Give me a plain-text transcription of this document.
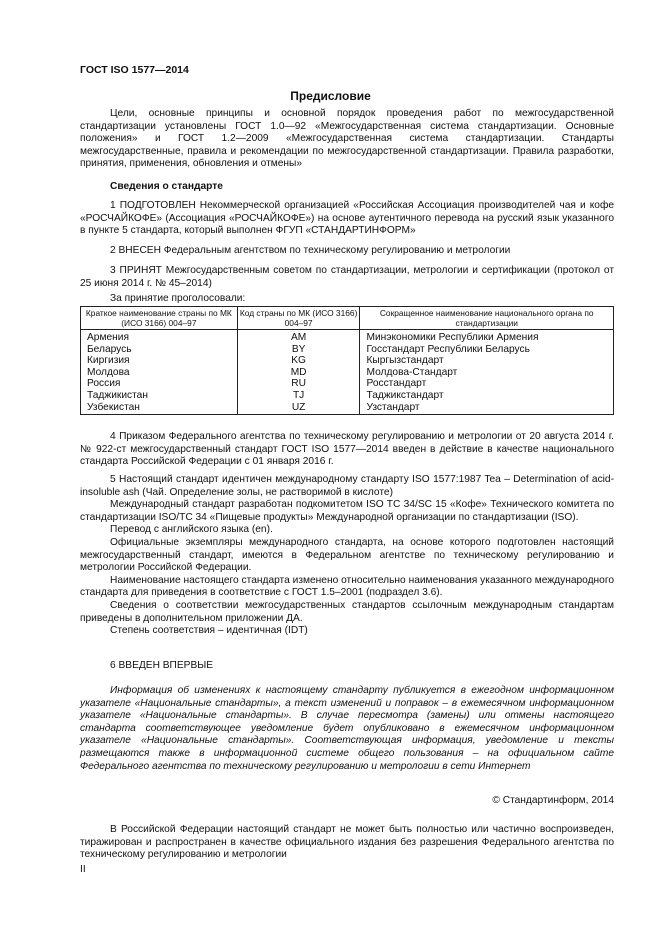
ГОСТ ISO 1577—2014
Предисловие

Цели, основные принципы и основной порядок проведения работ по межгосударственной стандартизации установлены ГОСТ 1.0—92 «Межгосударственная система стандартизации. Основные положения» и ГОСТ 1.2—2009 «Межгосударственная система стандартизации. Стандарты межгосударственные, правила и рекомендации по межгосударственной стандартизации. Правила разработки, принятия, применения, обновления и отмены»

Сведения о стандарте

1 ПОДГОТОВЛЕН Некоммерческой организацией «Российская Ассоциация производителей чая и кофе «РОСЧАЙКОФЕ» (Ассоциация «РОСЧАЙКОФЕ») на основе аутентичного перевода на русский язык указанного в пункте 5 стандарта, который выполнен ФГУП «СТАНДАРТИНФОРМ»

2 ВНЕСЕН Федеральным агентством по техническому регулированию и метрологии

3 ПРИНЯТ Межгосударственным советом по стандартизации, метрологии и сертификации (протокол от 25 июня 2014 г. № 45–2014)

За принятие проголосовали:

Краткое наименование страны по МК (ИСО 3166) 004–97	Код страны по МК (ИСО 3166) 004–97	Сокращенное наименование национального органа по стандартизации
Армения	AM	Минэкономики Республики Армения
Беларусь	BY	Госстандарт Республики Беларусь
Киргизия	KG	Кыргызстандарт
Молдова	MD	Молдова-Стандарт
Россия	RU	Росстандарт
Таджикистан	TJ	Таджикстандарт
Узбекистан	UZ	Узстандарт

4 Приказом Федерального агентства по техническому регулированию и метрологии от 20 августа 2014 г. № 922-ст межгосударственный стандарт ГОСТ ISO 1577—2014 введен в действие в качестве национального стандарта Российской Федерации с 01 января 2016 г.

5 Настоящий стандарт идентичен международному стандарту ISO 1577:1987 Tea – Determination of acid-insoluble ash (Чай. Определение золы, не растворимой в кислоте)

Международный стандарт разработан подкомитетом ISO TC 34/SC 15 «Кофе» Технического комитета по стандартизации ISO/TC 34 «Пищевые продукты» Международной организации по стандартизации (ISO).

Перевод с английского языка (en).

Официальные экземпляры международного стандарта, на основе которого подготовлен настоящий межгосударственный стандарт, имеются в Федеральном агентстве по техническому регулированию и метрологии Российской Федерации.

Наименование настоящего стандарта изменено относительно наименования указанного международного стандарта для приведения в соответствие с ГОСТ 1.5–2001 (подраздел 3.6).

Сведения о соответствии межгосударственных стандартов ссылочным международным стандартам приведены в дополнительном приложении ДА.

Степень соответствия – идентичная (IDT)

6 ВВЕДЕН ВПЕРВЫЕ

Информация об изменениях к настоящему стандарту публикуется в ежегодном информационном указателе «Национальные стандарты», а текст изменений и поправок – в ежемесячном информационном указателе «Национальные стандарты». В случае пересмотра (замены) или отмены настоящего стандарта соответствующее уведомление будет опубликовано в ежемесячном информационном указателе «Национальные стандарты». Соответствующая информация, уведомление и тексты размещаются также в информационной системе общего пользования – на официальном сайте Федерального агентства по техническому регулированию и метрологии в сети Интернет

© Стандартинформ, 2014

В Российской Федерации настоящий стандарт не может быть полностью или частично воспроизведен, тиражирован и распространен в качестве официального издания без разрешения Федерального агентства по техническому регулированию и метрологии

II
